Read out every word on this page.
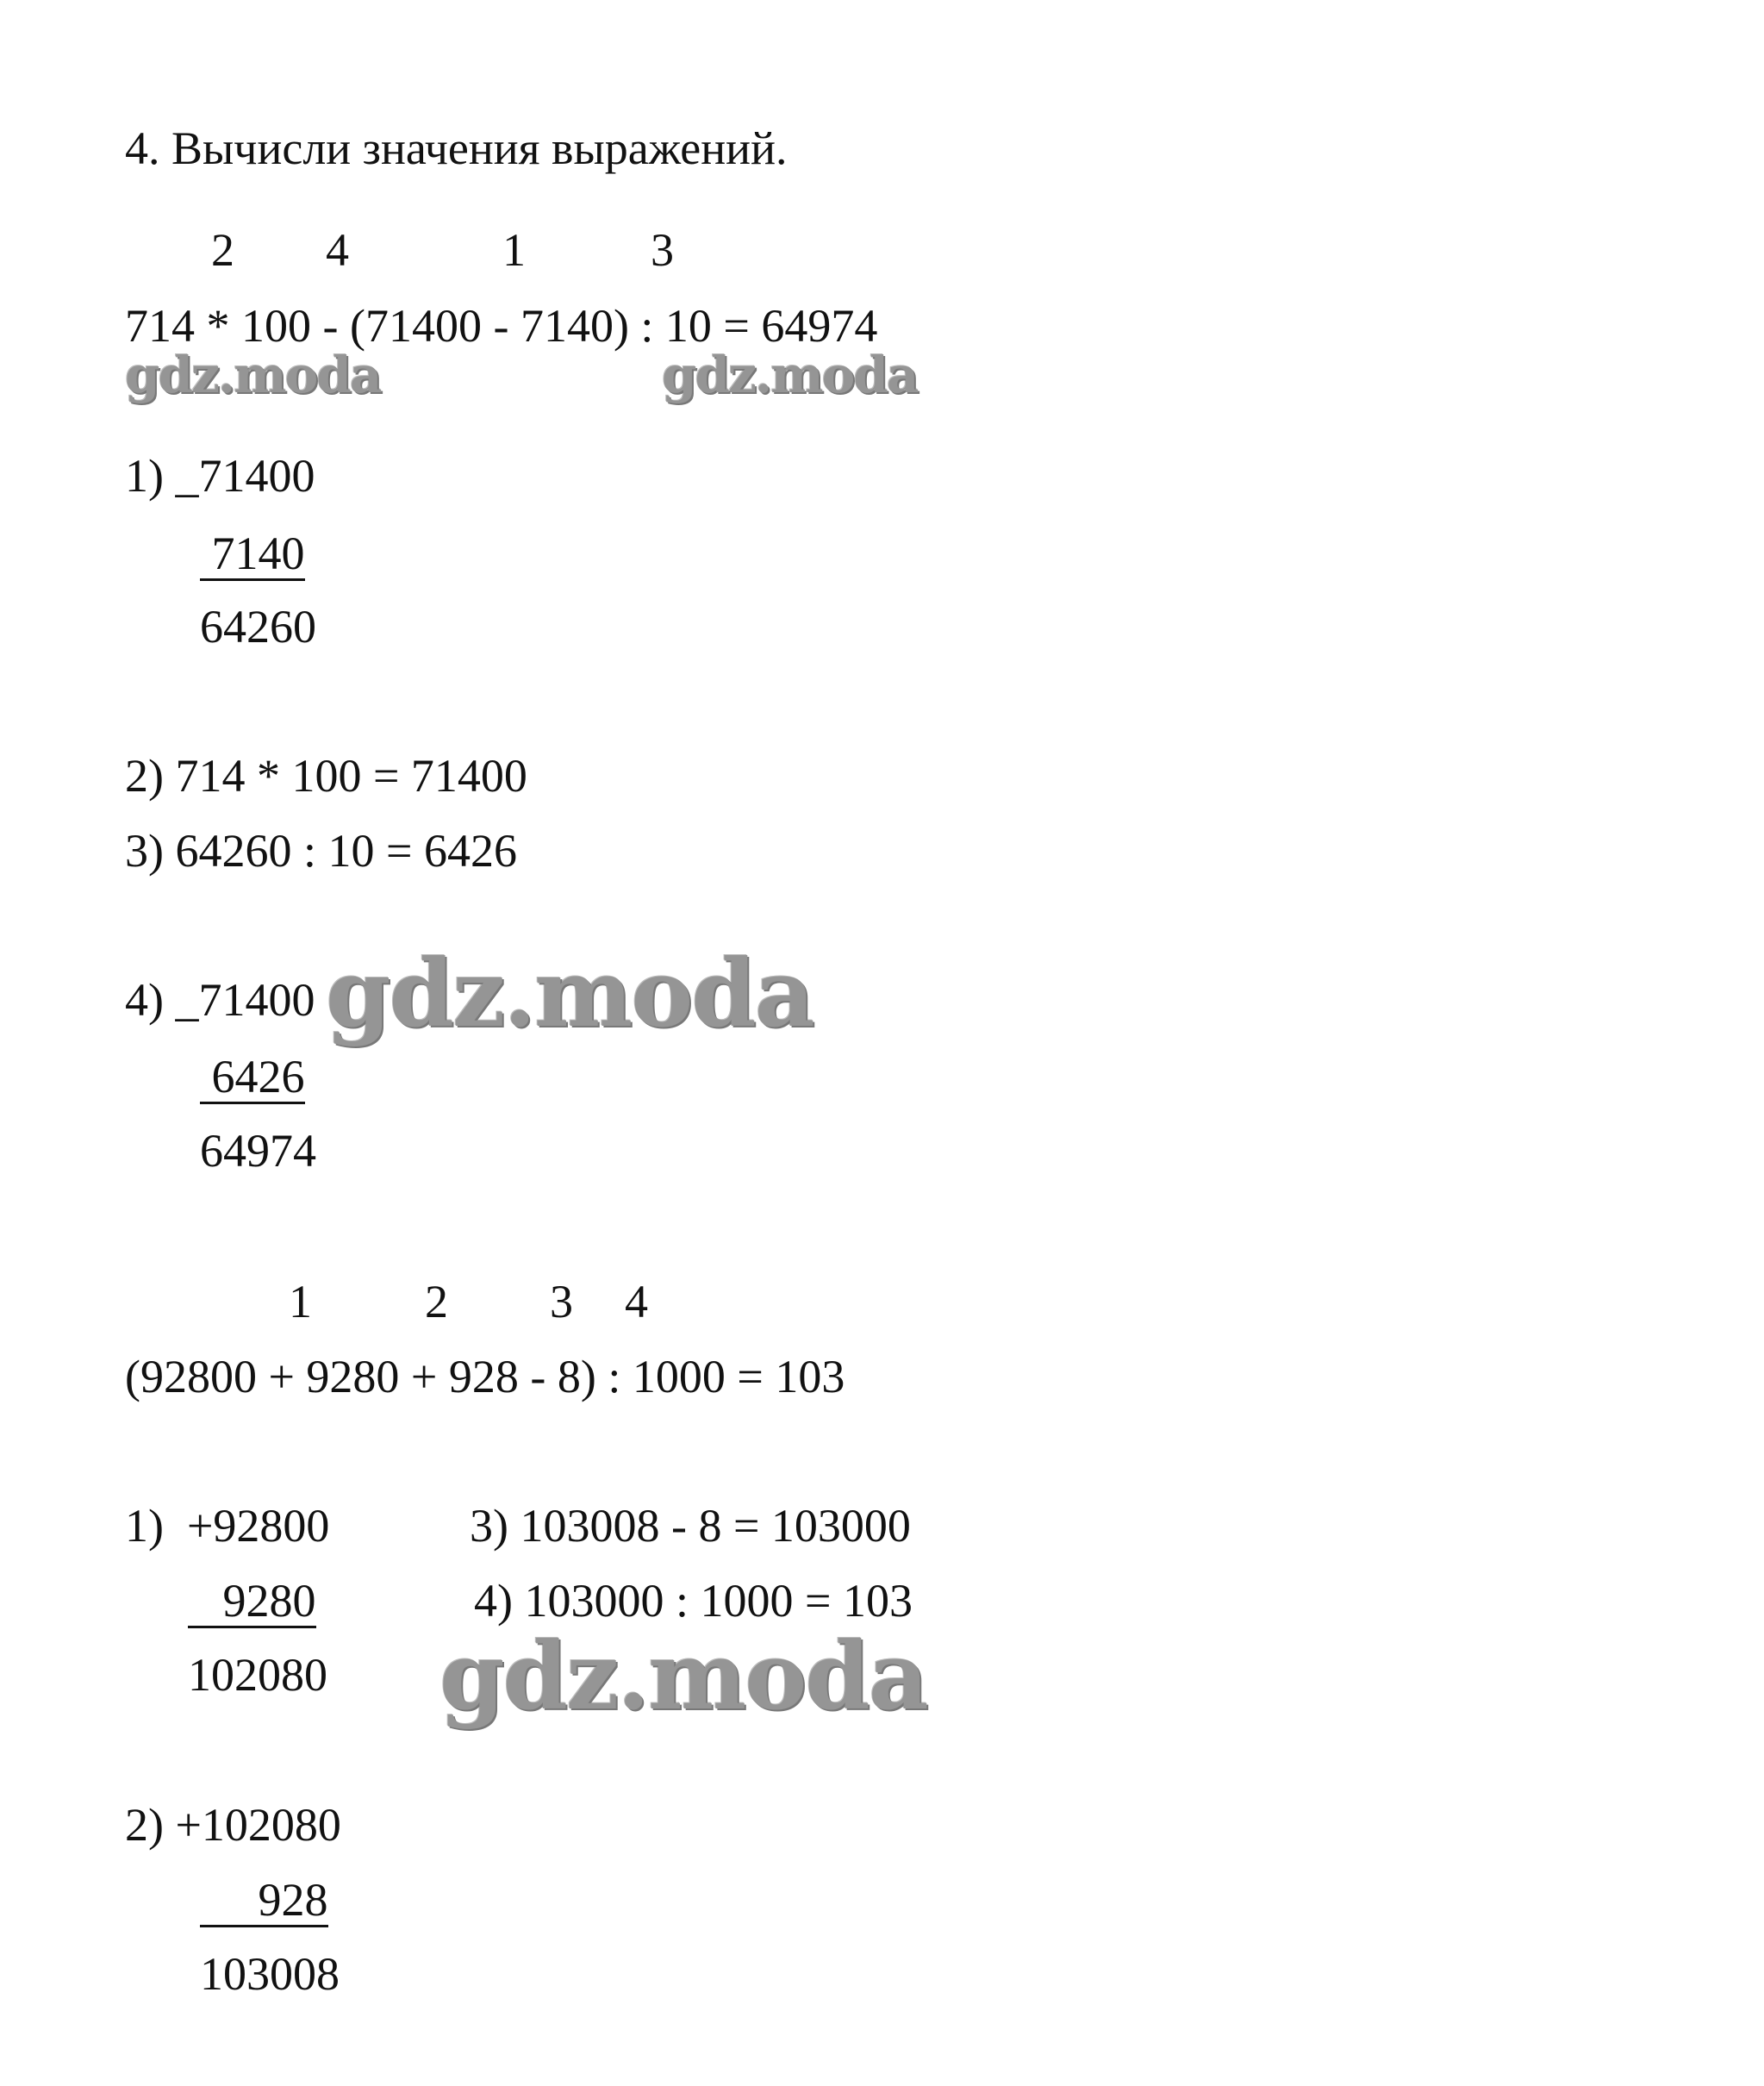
4. Вычисли значения выражений.
2 4	1	3
714 * 100 - (71400 - 7140) : 10 = 64974
gdz.moda	gdz.moda
1) _71400
7140
64260
2) 714 * 100 = 71400
3) 64260 : 10 = 6426
4) _71400 gdz.moda
6426
64974
1 2 3 4
(92800 + 9280 + 928 - 8) : 1000 = 103
1)  +92800
9280
102080
3) 103008 - 8 = 103000
4) 103000 : 1000 = 103
gdz.moda
2) +102080
928
103008
